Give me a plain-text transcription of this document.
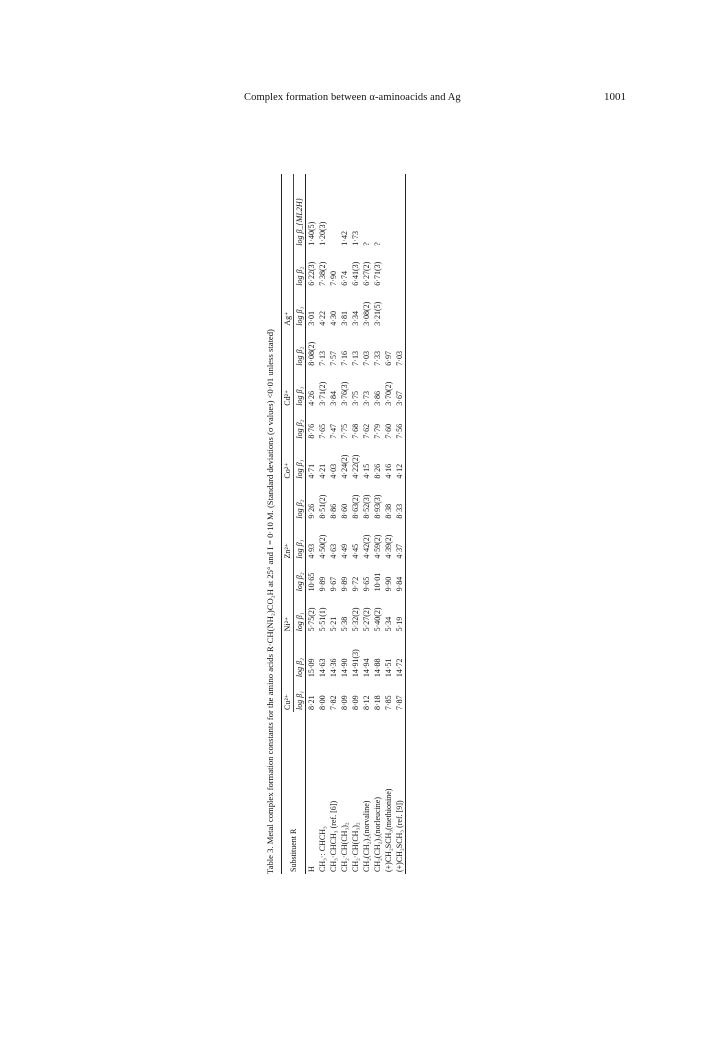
Complex formation between α-aminoacids and Ag	1001
Table 3. Metal complex formation constants for the amino acids R·CH(NH₂)CO₂H at 25° and I = 0·10 M. (Standard deviations (σ values) <0·01 unless stated) Substituent R	Cu²⁺		Ni²⁺		Zn²⁺		Co²⁺		Cd²⁺		Ag⁺		
	log β₁	log β₂	log β₁	log β₂	log β₁	log β₂	log β₁	log β₂	log β₁	log β₂	log β₁	log β₂	log β_{ML2H}
H	8·21	15·09	5·75(2)	10·65	4·93	9·26	4·71	8·76	4·26	8·08(2)	3·01	6·22(3)	1·40(5)
CH₃·: CHCH₃	8·00	14·63	5·51(1)	9·89	4·50(2)	8·51(2)	4·21	7·65	3·71(2)	7·13	4·22	7·38(2)	1·20(3)
CH₃·CHCH₃ (ref. [6])	7·82	14·36	5·21	9·67	4·63	8·86	4·03	7·47	3·84	7·57	4·30	7·90	
CH₂·CH(CH₃)₂	8·09	14·90	5·38	9·89	4·49	8·60	4·24(2)	7·75	3·76(3)	7·16	3·81	6·74	1·42
CH₂·CH(CH₃)₂	8·09	14·91(3)	5·32(2)	9·72	4·45	8·63(2)	4·22(2)	7·68	3·75	7·13	3·34	6·41(3)	1·73
CH₂(CH₂)₂(norvaline)	8·12	14·94	5·27(2)	9·65	4·42(2)	8·52(3)	4·15	7·62	3·73	7·03	3·08(2)	6·27(2)	?
CH₂(CH₂)₃(norleucine)	8·18	14·88	5·40(2)	10·01	4·59(2)	8·93(3)	8·26	7·79	3·86	7·33	3·21(5)	6·71(3)	?
(+)CH₂SCH₃(methionine)	7·85	14·51	5·34	9·90	4·39(2)	8·38	4·16	7·60	3·70(2)	6·97			
(+)CH₂SCH₃ (ref. [9])	7·87	14·72	5·19	9·84	4·37	8·33	4·12	7·56	3·67	7·03			
